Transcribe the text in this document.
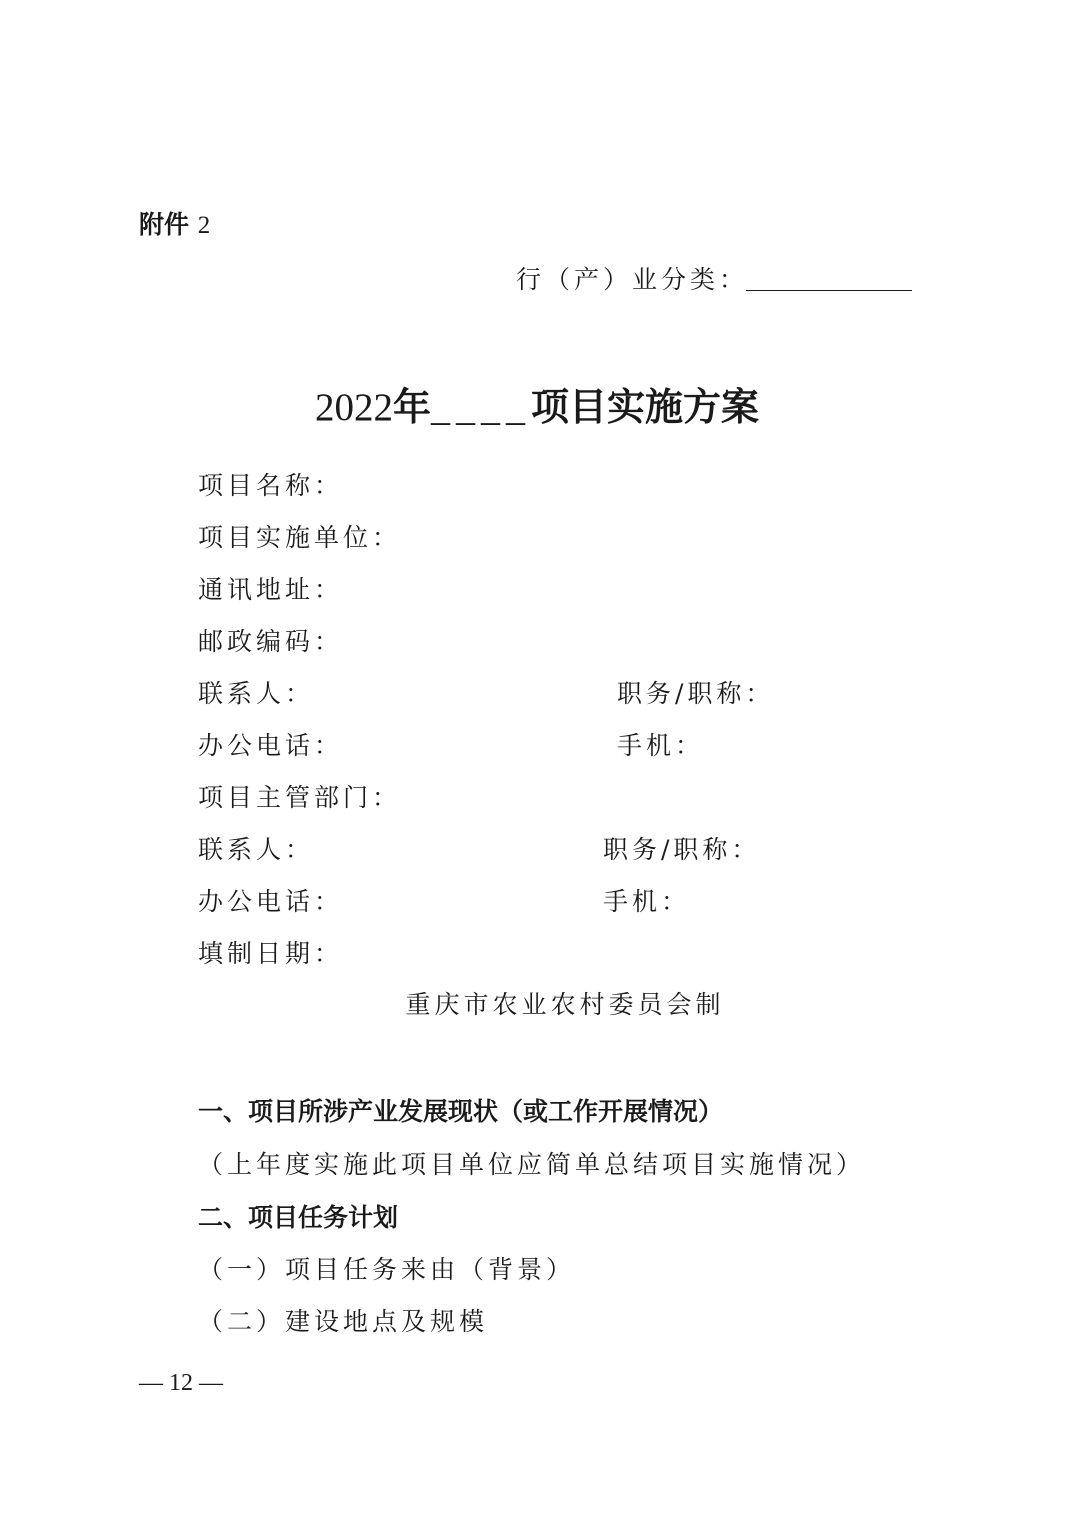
附件 2
行（产）业分类：
2022年____项目实施方案
项目名称：
项目实施单位：
通讯地址：
邮政编码：
联系人：	职务/职称：
办公电话：	手机：
项目主管部门：
联系人：	职务/职称：
办公电话：	手机：
填制日期：
重庆市农业农村委员会制
一、项目所涉产业发展现状（或工作开展情况）
（上年度实施此项目单位应简单总结项目实施情况）
二、项目任务计划
（一）项目任务来由（背景）
（二）建设地点及规模
— 12 —
